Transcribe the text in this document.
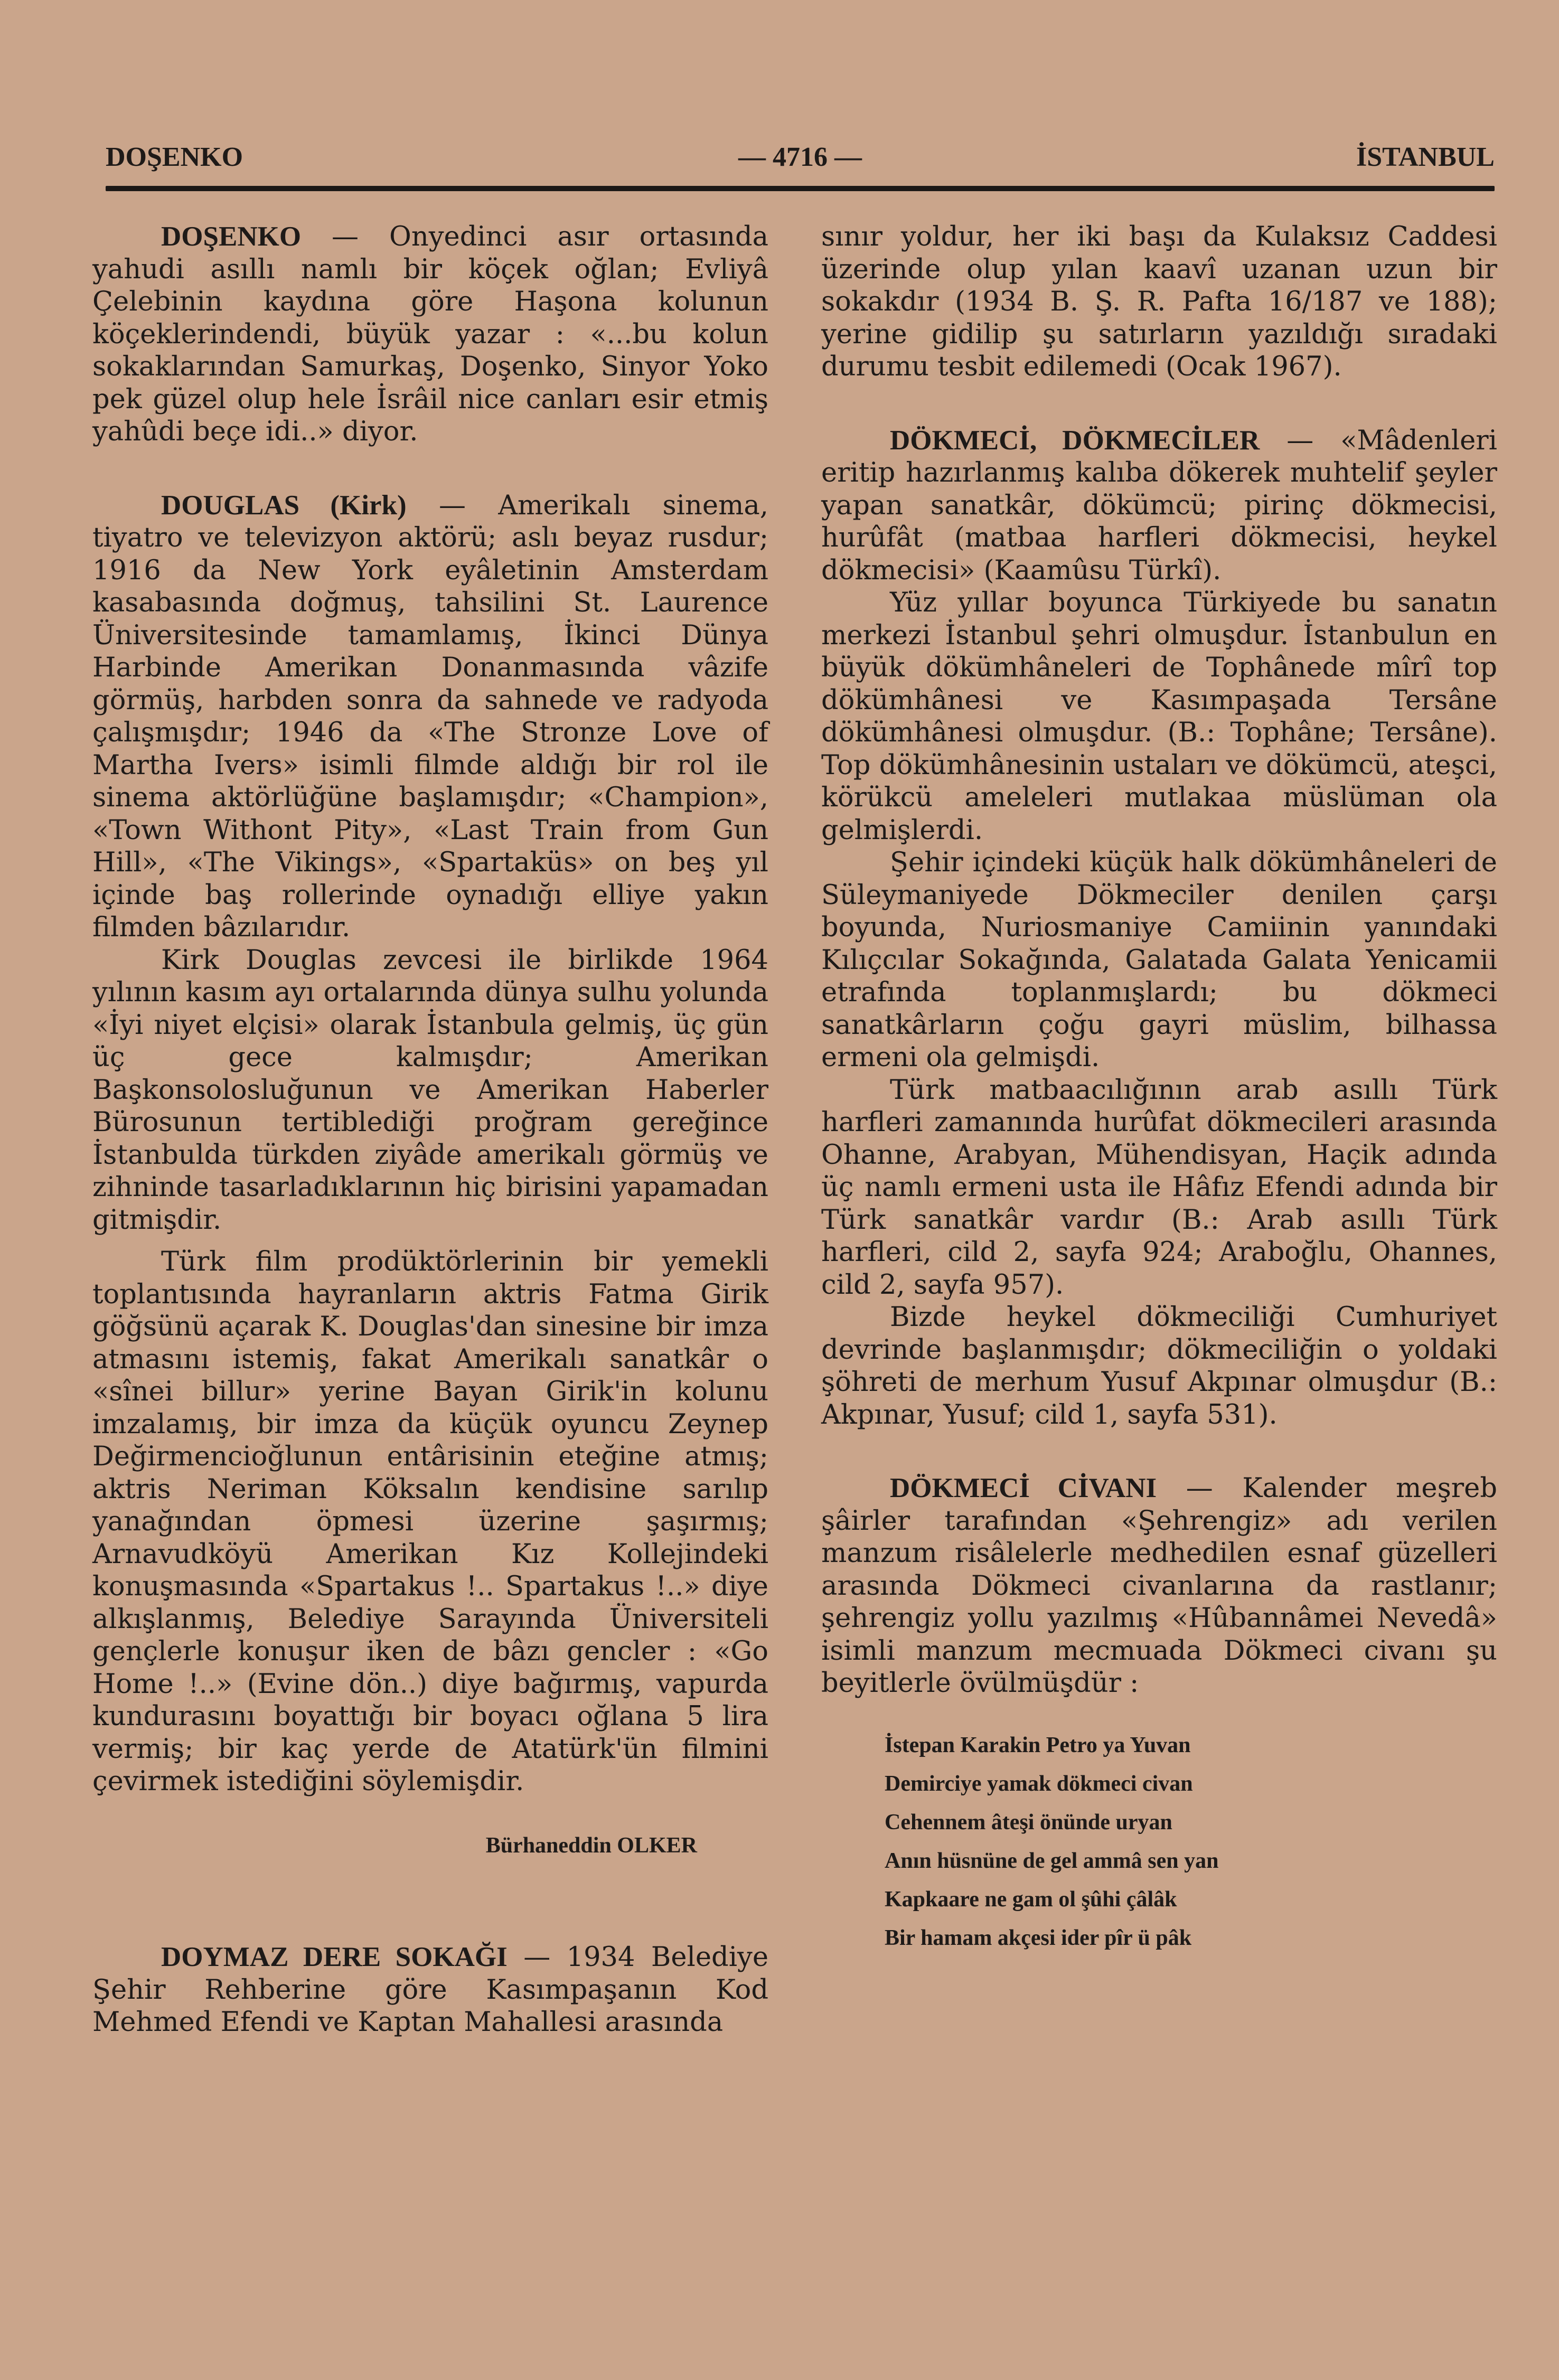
DOŞENKO	— 4716 —	İSTANBUL

DOŞENKO — Onyedinci asır ortasında yahudi asıllı namlı bir köçek oğlan; Evliyâ Çelebinin kaydına göre Haşona kolunun köçeklerindendi, büyük yazar : «...bu kolun sokaklarından Samurkaş, Doşenko, Sinyor Yoko pek güzel olup hele İsrâil nice canları esir etmiş yahûdi beçe idi..» diyor.

DOUGLAS (Kirk) — Amerikalı sinema, tiyatro ve televizyon aktörü; aslı beyaz rusdur; 1916 da New York eyâletinin Amsterdam kasabasında doğmuş, tahsilini St. Laurence Üniversitesinde tamamlamış, İkinci Dünya Harbinde Amerikan Donanmasında vâzife görmüş, harbden sonra da sahnede ve radyoda çalışmışdır; 1946 da «The Stronze Love of Martha Ivers» isimli filmde aldığı bir rol ile sinema aktörlüğüne başlamışdır; «Champion», «Town Withont Pity», «Last Train from Gun Hill», «The Vikings», «Spartaküs» on beş yıl içinde baş rollerinde oynadığı elliye yakın filmden bâzılarıdır.

Kirk Douglas zevcesi ile birlikde 1964 yılının kasım ayı ortalarında dünya sulhu yolunda «İyi niyet elçisi» olarak İstanbula gelmiş, üç gün üç gece kalmışdır; Amerikan Başkonsolosluğunun ve Amerikan Haberler Bürosunun tertiblediği proğram gereğince İstanbulda türkden ziyâde amerikalı görmüş ve zihninde tasarladıklarının hiç birisini yapamadan gitmişdir.

Türk film prodüktörlerinin bir yemekli toplantısında hayranların aktris Fatma Girik göğsünü açarak K. Douglas'dan sinesine bir imza atmasını istemiş, fakat Amerikalı sanatkâr o «sînei billur» yerine Bayan Girik'in kolunu imzalamış, bir imza da küçük oyuncu Zeynep Değirmencioğlunun entârisinin eteğine atmış; aktris Neriman Köksalın kendisine sarılıp yanağından öpmesi üzerine şaşırmış; Arnavudköyü Amerikan Kız Kollejindeki konuşmasında «Spartakus !.. Spartakus !..» diye alkışlanmış, Belediye Sarayında Üniversiteli gençlerle konuşur iken de bâzı gencler : «Go Home !..» (Evine dön..) diye bağırmış, vapurda kundurasını boyattığı bir boyacı oğlana 5 lira vermiş; bir kaç yerde de Atatürk'ün filmini çevirmek istediğini söylemişdir.

Bürhaneddin OLKER

DOYMAZ DERE SOKAĞI — 1934 Belediye Şehir Rehberine göre Kasımpaşanın Kod Mehmed Efendi ve Kaptan Mahallesi arasında

sınır yoldur, her iki başı da Kulaksız Caddesi üzerinde olup yılan kaavî uzanan uzun bir sokakdır (1934 B. Ş. R. Pafta 16/187 ve 188); yerine gidilip şu satırların yazıldığı sıradaki durumu tesbit edilemedi (Ocak 1967).

DÖKMECİ, DÖKMECİLER — «Mâdenleri eritip hazırlanmış kalıba dökerek muhtelif şeyler yapan sanatkâr, dökümcü; pirinç dökmecisi, hurûfât (matbaa harfleri dökmecisi, heykel dökmecisi» (Kaamûsu Türkî).

Yüz yıllar boyunca Türkiyede bu sanatın merkezi İstanbul şehri olmuşdur. İstanbulun en büyük dökümhâneleri de Tophânede mîrî top dökümhânesi ve Kasımpaşada Tersâne dökümhânesi olmuşdur. (B.: Tophâne; Tersâne). Top dökümhânesinin ustaları ve dökümcü, ateşci, körükcü ameleleri mutlakaa müslüman ola gelmişlerdi.

Şehir içindeki küçük halk dökümhâneleri de Süleymaniyede Dökmeciler denilen çarşı boyunda, Nuriosmaniye Camiinin yanındaki Kılıçcılar Sokağında, Galatada Galata Yenicamii etrafında toplanmışlardı; bu dökmeci sanatkârların çoğu gayri müslim, bilhassa ermeni ola gelmişdi.

Türk matbaacılığının arab asıllı Türk harfleri zamanında hurûfat dökmecileri arasında Ohanne, Arabyan, Mühendisyan, Haçik adında üç namlı ermeni usta ile Hâfız Efendi adında bir Türk sanatkâr vardır (B.: Arab asıllı Türk harfleri, cild 2, sayfa 924; Araboğlu, Ohannes, cild 2, sayfa 957).

Bizde heykel dökmeciliği Cumhuriyet devrinde başlanmışdır; dökmeciliğin o yoldaki şöhreti de merhum Yusuf Akpınar olmuşdur (B.: Akpınar, Yusuf; cild 1, sayfa 531).

DÖKMECİ CİVANI — Kalender meşreb şâirler tarafından «Şehrengiz» adı verilen manzum risâlelerle medhedilen esnaf güzelleri arasında Dökmeci civanlarına da rastlanır; şehrengiz yollu yazılmış «Hûbannâmei Nevedâ» isimli manzum mecmuada Dökmeci civanı şu beyitlerle övülmüşdür :

İstepan Karakin Petro ya Yuvan
Demirciye yamak dökmeci civan
Cehennem âteşi önünde uryan
Anın hüsnüne de gel ammâ sen yan
Kapkaare ne gam ol şûhi çâlâk
Bir hamam akçesi ider pîr ü pâk
